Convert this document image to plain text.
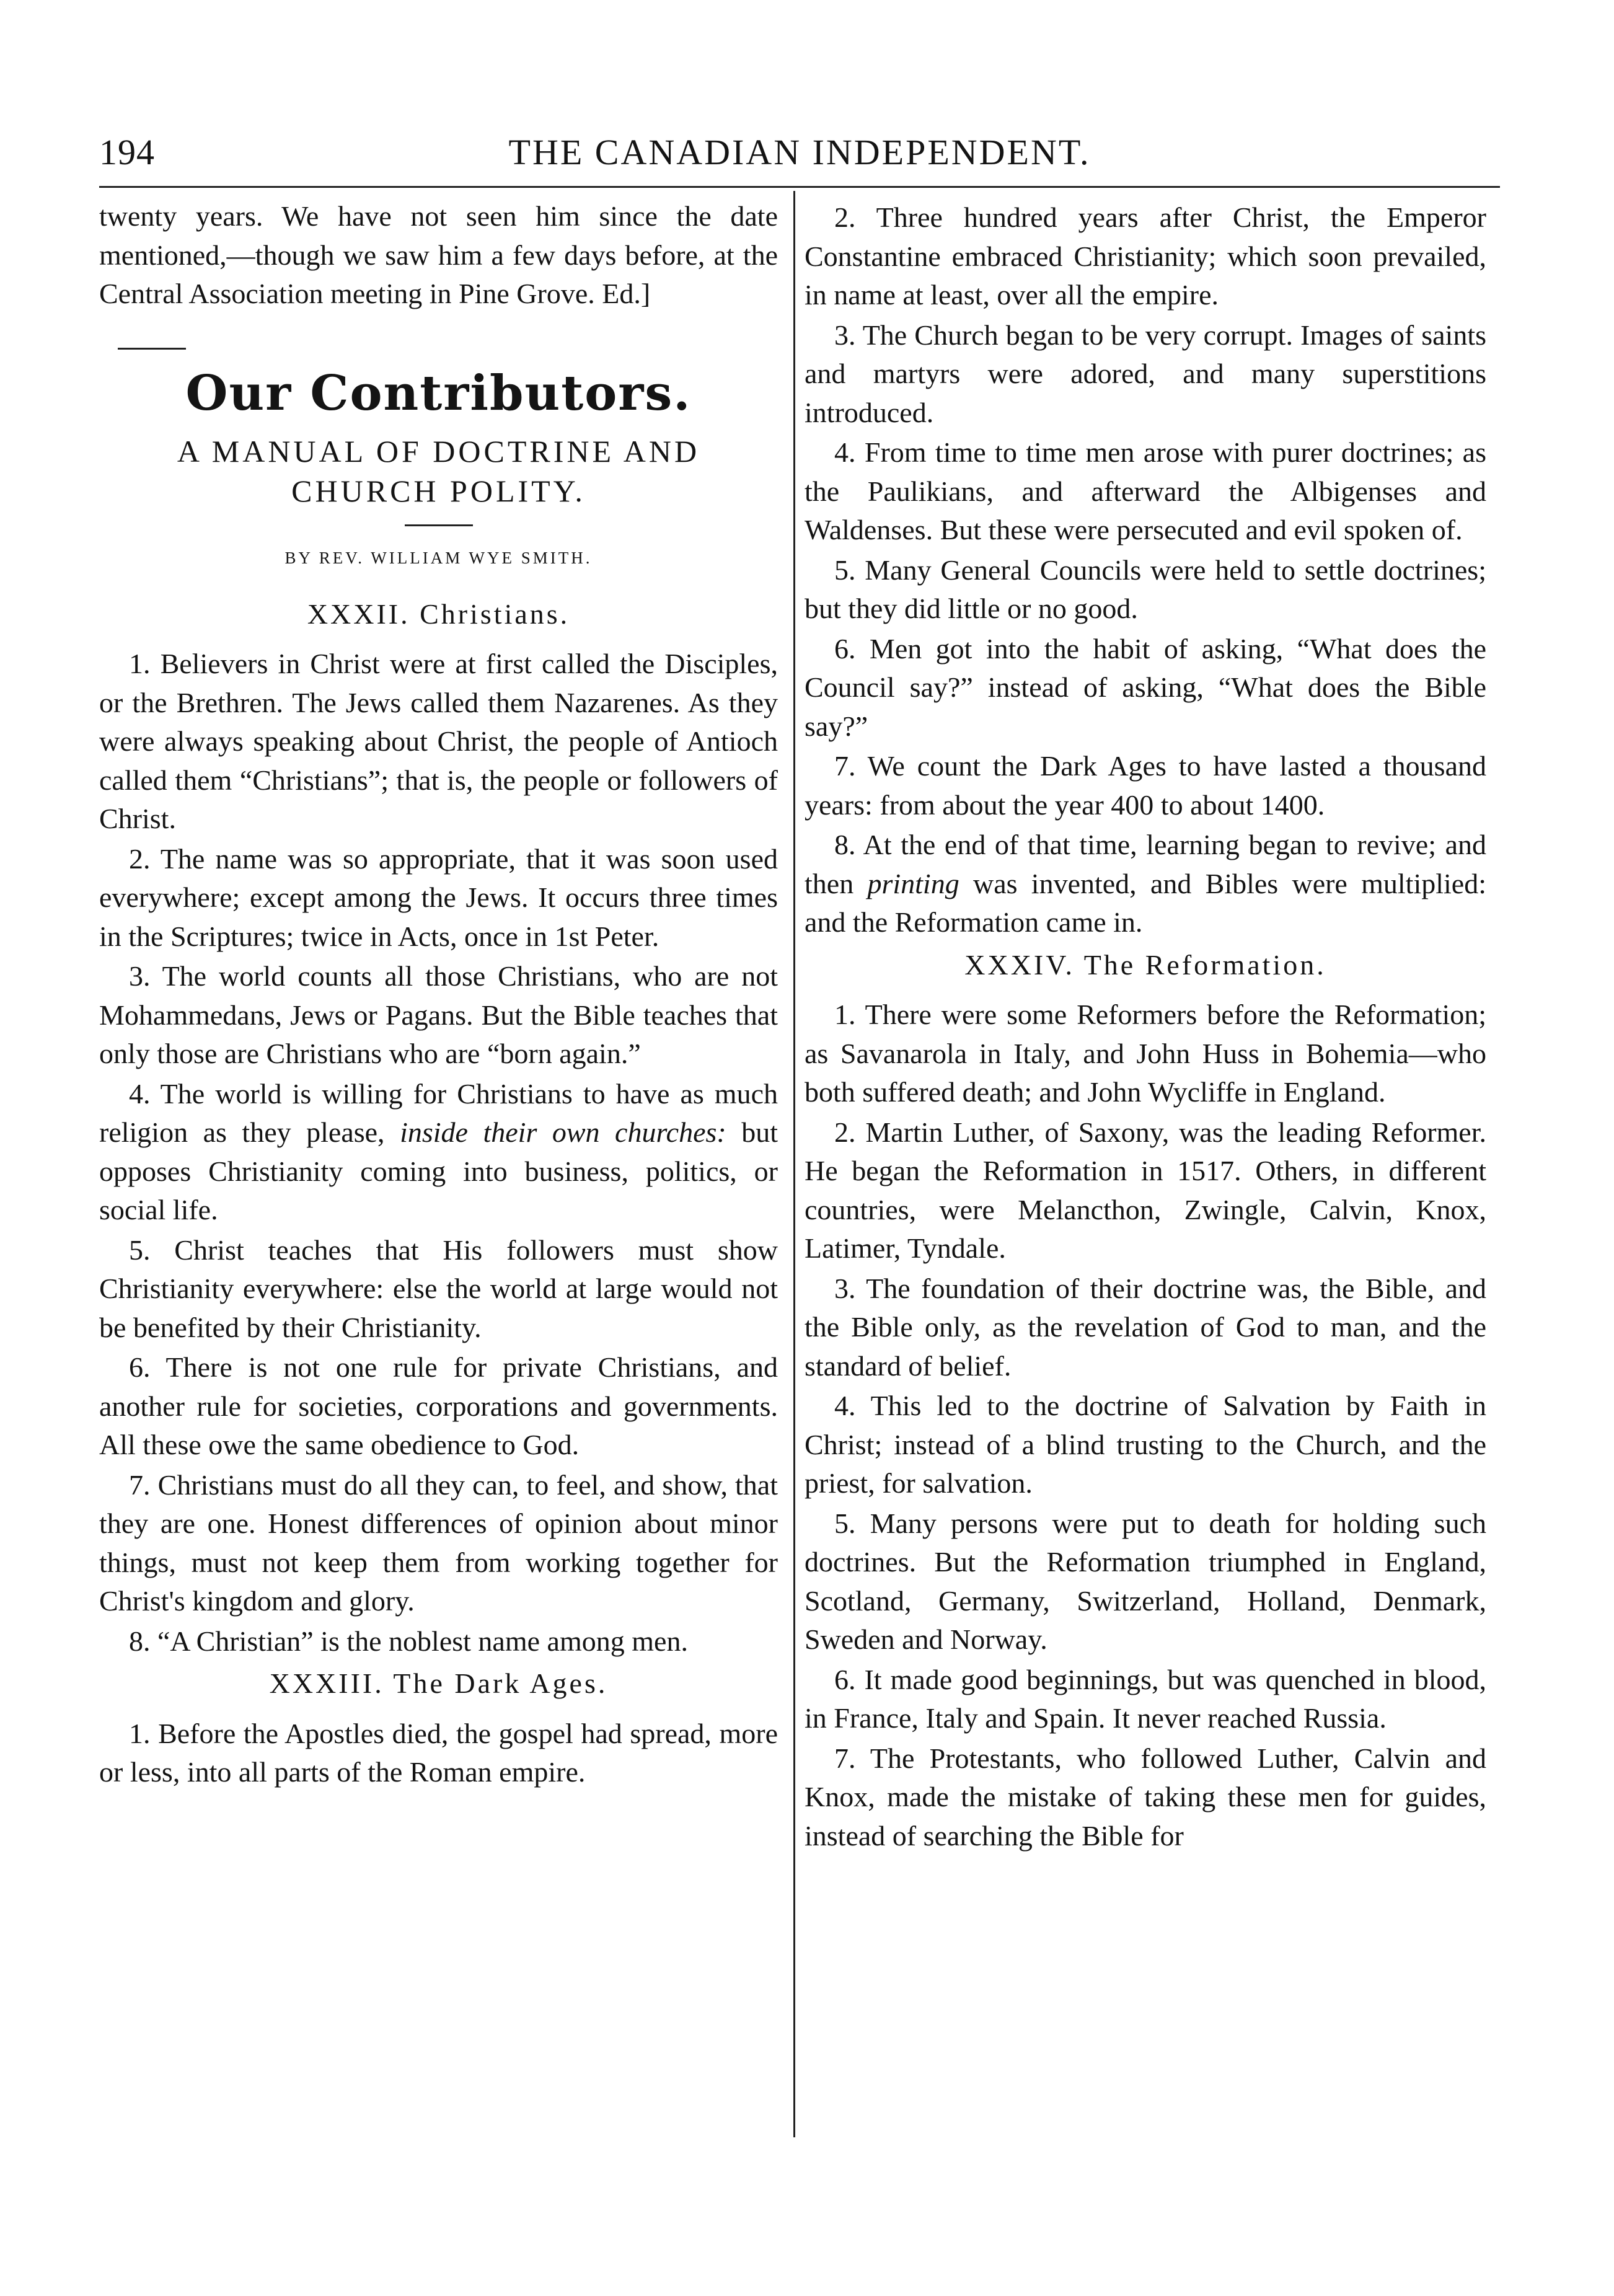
194	THE CANADIAN INDEPENDENT.

twenty years. We have not seen him since the date mentioned,—though we saw him a few days before, at the Central Association meeting in Pine Grove. Ed.]

Our Contributors.
A MANUAL OF DOCTRINE AND CHURCH POLITY.
BY REV. WILLIAM WYE SMITH.
XXXII. Christians.

1. Believers in Christ were at first called the Disciples, or the Brethren. The Jews called them Nazarenes. As they were always speaking about Christ, the people of Antioch called them “Christians”; that is, the people or followers of Christ.

2. The name was so appropriate, that it was soon used everywhere; except among the Jews. It occurs three times in the Scriptures; twice in Acts, once in 1st Peter.

3. The world counts all those Christians, who are not Mohammedans, Jews or Pagans. But the Bible teaches that only those are Christians who are “born again.”

4. The world is willing for Christians to have as much religion as they please, inside their own churches: but opposes Christianity coming into business, politics, or social life.

5. Christ teaches that His followers must show Christianity everywhere: else the world at large would not be benefited by their Christianity.

6. There is not one rule for private Christians, and another rule for societies, corporations and governments. All these owe the same obedience to God.

7. Christians must do all they can, to feel, and show, that they are one. Honest differences of opinion about minor things, must not keep them from working together for Christ's kingdom and glory.

8. “A Christian” is the noblest name among men.

XXXIII. The Dark Ages.

1. Before the Apostles died, the gospel had spread, more or less, into all parts of the Roman empire.

2. Three hundred years after Christ, the Emperor Constantine embraced Christianity; which soon prevailed, in name at least, over all the empire.

3. The Church began to be very corrupt. Images of saints and martyrs were adored, and many superstitions introduced.

4. From time to time men arose with purer doctrines; as the Paulikians, and afterward the Albigenses and Waldenses. But these were persecuted and evil spoken of.

5. Many General Councils were held to settle doctrines; but they did little or no good.

6. Men got into the habit of asking, “What does the Council say?” instead of asking, “What does the Bible say?”

7. We count the Dark Ages to have lasted a thousand years: from about the year 400 to about 1400.

8. At the end of that time, learning began to revive; and then printing was invented, and Bibles were multiplied: and the Reformation came in.

XXXIV. The Reformation.

1. There were some Reformers before the Reformation; as Savanarola in Italy, and John Huss in Bohemia—who both suffered death; and John Wycliffe in England.

2. Martin Luther, of Saxony, was the leading Reformer. He began the Reformation in 1517. Others, in different countries, were Melancthon, Zwingle, Calvin, Knox, Latimer, Tyndale.

3. The foundation of their doctrine was, the Bible, and the Bible only, as the revelation of God to man, and the standard of belief.

4. This led to the doctrine of Salvation by Faith in Christ; instead of a blind trusting to the Church, and the priest, for salvation.

5. Many persons were put to death for holding such doctrines. But the Reformation triumphed in England, Scotland, Germany, Switzerland, Holland, Denmark, Sweden and Norway.

6. It made good beginnings, but was quenched in blood, in France, Italy and Spain. It never reached Russia.

7. The Protestants, who followed Luther, Calvin and Knox, made the mistake of taking these men for guides, instead of searching the Bible for
